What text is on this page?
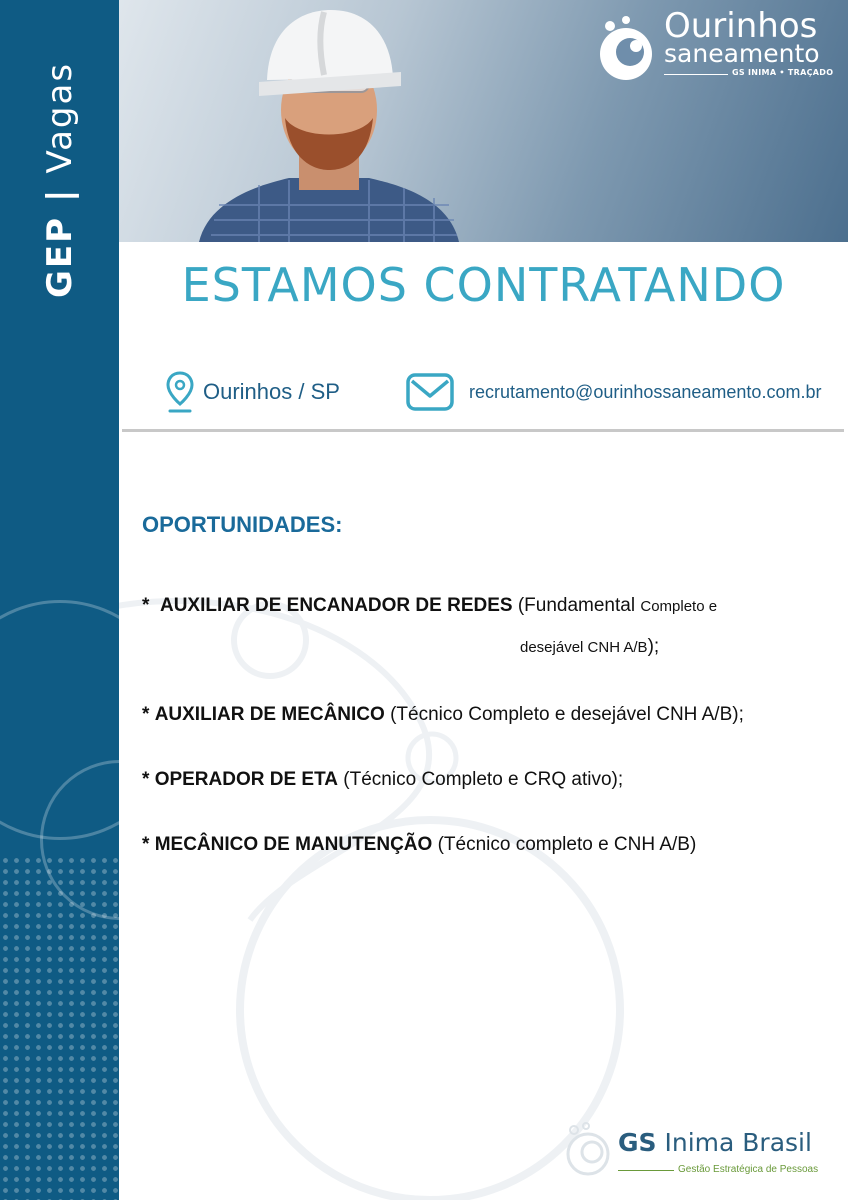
GEP|Vagas
Ourinhos
saneamento
GS INIMA • TRAÇADO
ESTAMOS CONTRATANDO
Ourinhos / SP	recrutamento@ourinhossaneamento.com.br
OPORTUNIDADES:
* AUXILIAR DE ENCANADOR DE REDES (Fundamental Completo e
desejável CNH A/B);
* AUXILIAR DE MECÂNICO (Técnico Completo e desejável CNH A/B);
* OPERADOR DE ETA (Técnico Completo e CRQ ativo);
* MECÂNICO DE MANUTENÇÃO (Técnico completo e CNH A/B)
GS Inima Brasil
Gestão Estratégica de Pessoas
